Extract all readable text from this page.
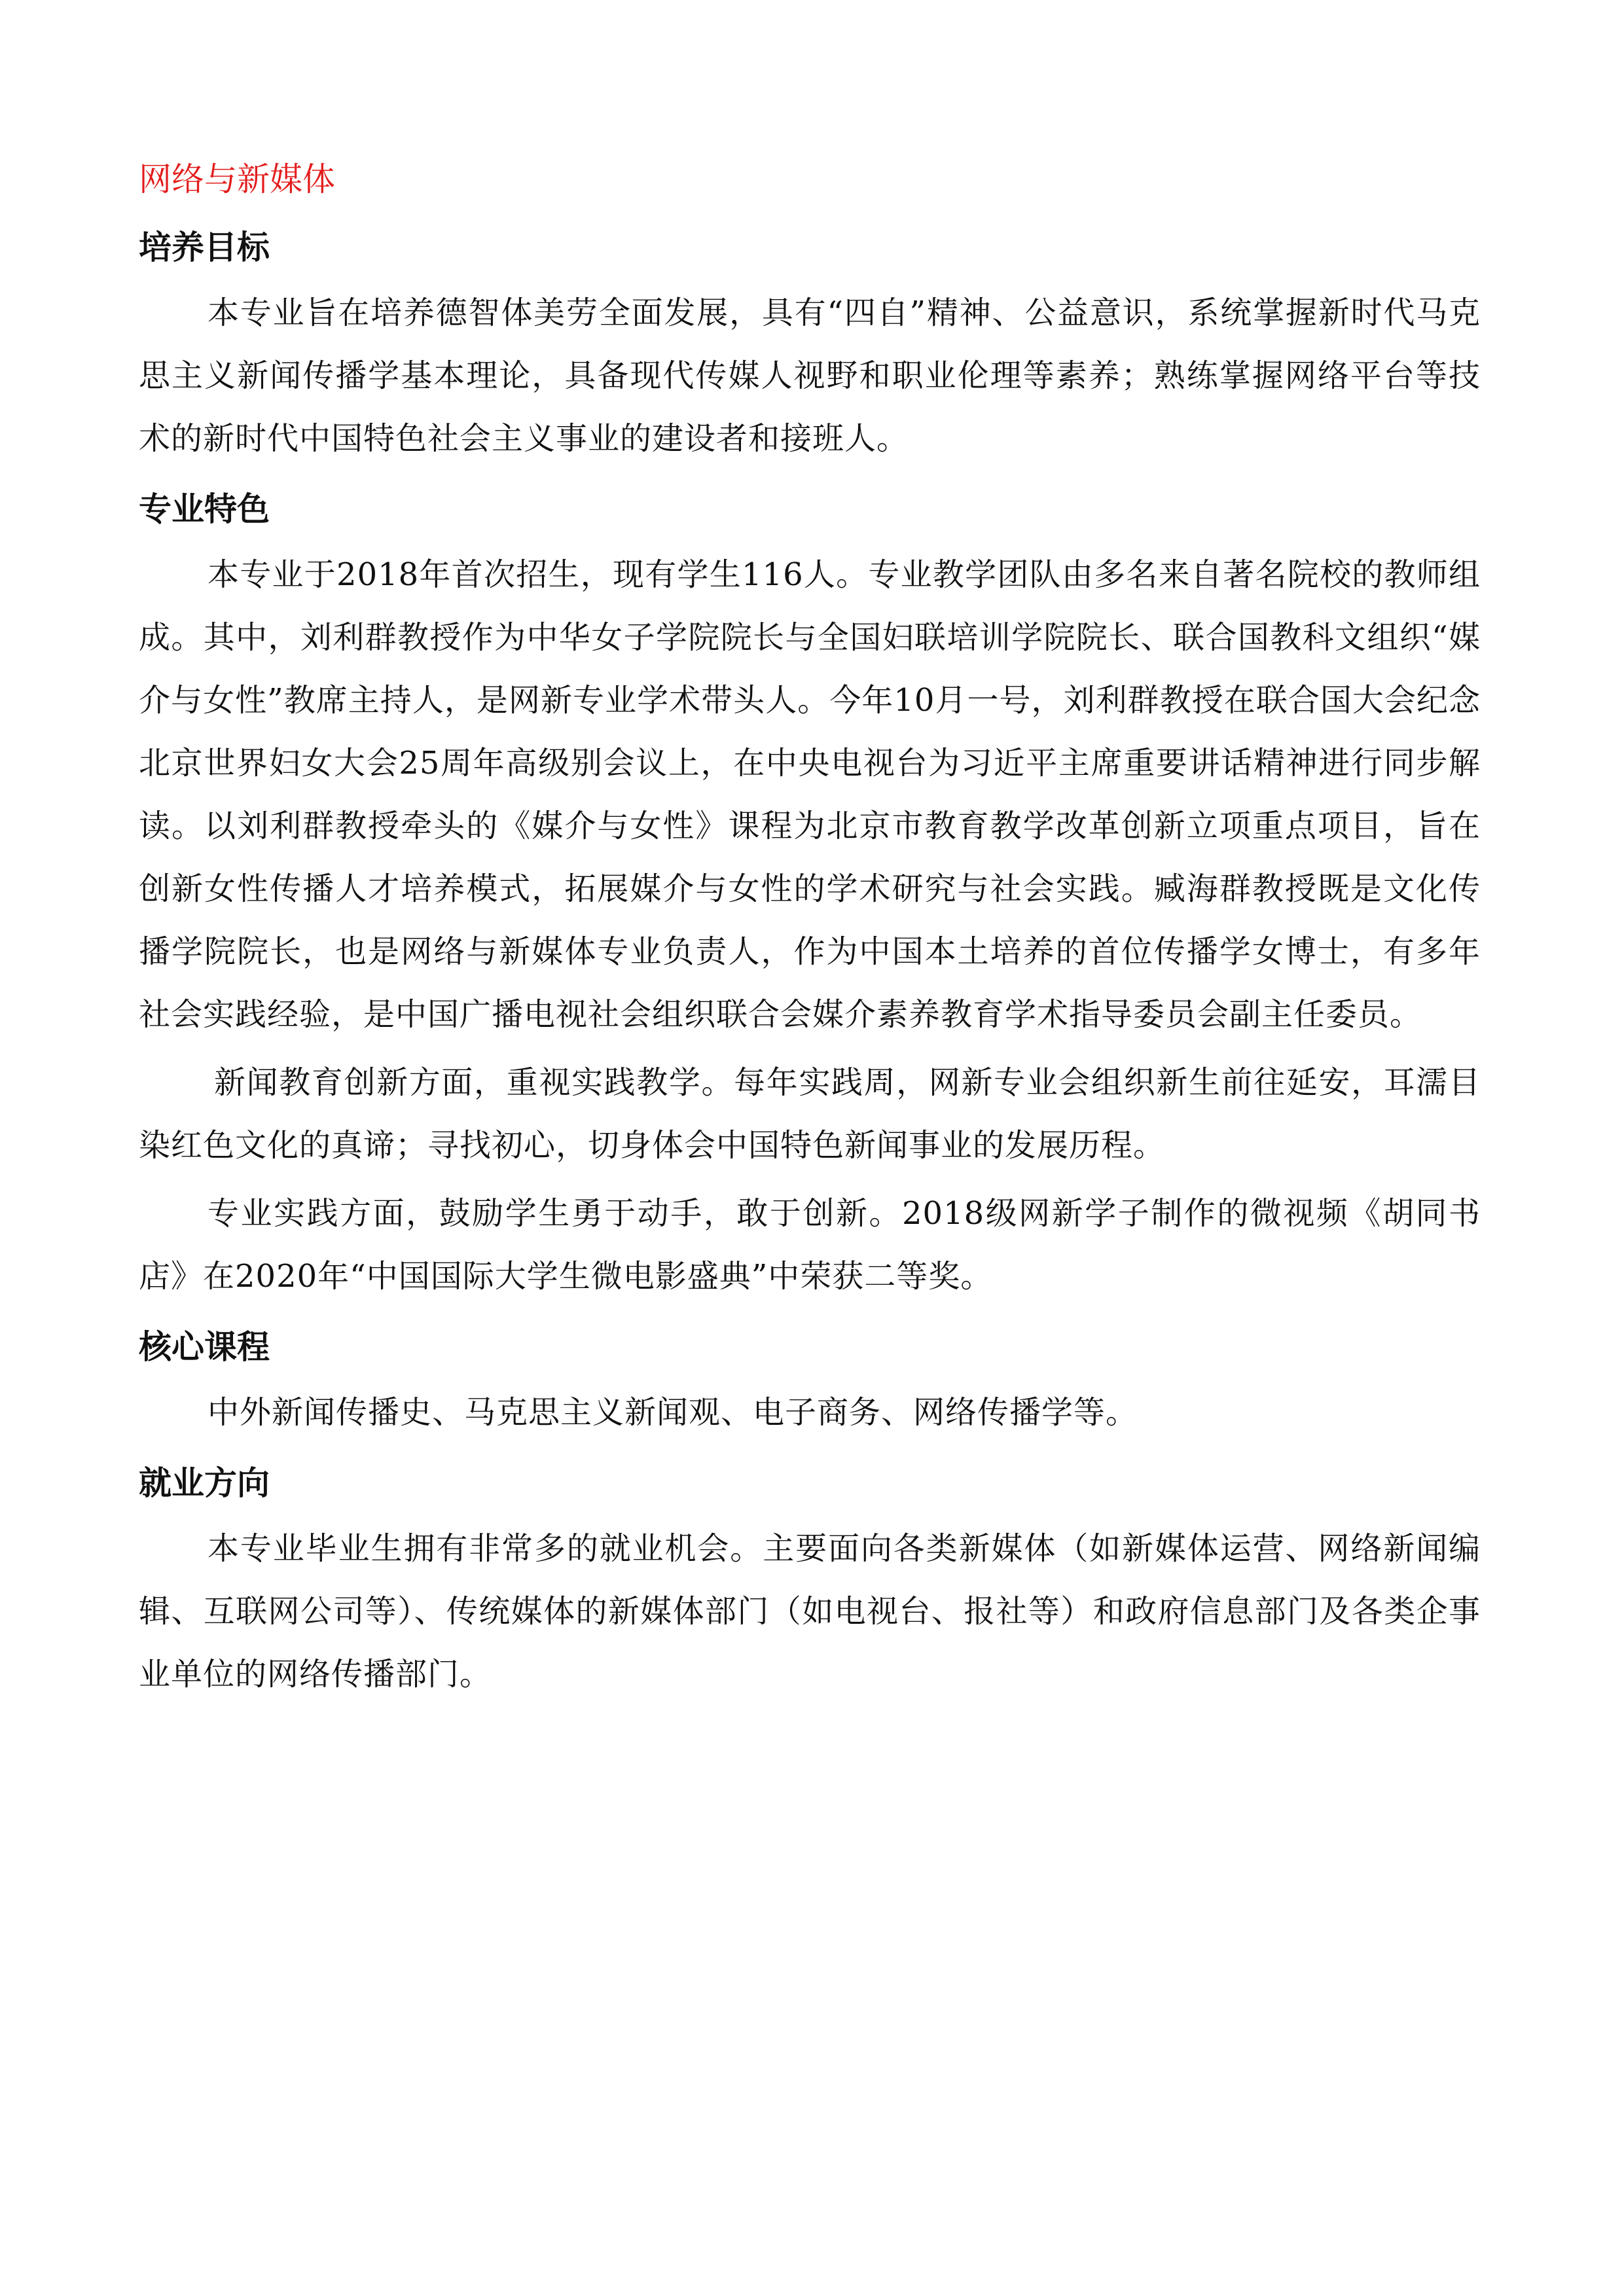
网络与新媒体
培养目标

本专业旨在培养德智体美劳全面发展，具有“四自”精神、公益意识，系统掌握新时代马克思主义新闻传播学基本理论，具备现代传媒人视野和职业伦理等素养；熟练掌握网络平台等技术的新时代中国特色社会主义事业的建设者和接班人。

专业特色

本专业于2018年首次招生，现有学生116人。专业教学团队由多名来自著名院校的教师组成。其中，刘利群教授作为中华女子学院院长与全国妇联培训学院院长、联合国教科文组织“媒介与女性”教席主持人，是网新专业学术带头人。今年10月一号，刘利群教授在联合国大会纪念北京世界妇女大会25周年高级别会议上，在中央电视台为习近平主席重要讲话精神进行同步解读。以刘利群教授牵头的《媒介与女性》课程为北京市教育教学改革创新立项重点项目，旨在创新女性传播人才培养模式，拓展媒介与女性的学术研究与社会实践。臧海群教授既是文化传播学院院长，也是网络与新媒体专业负责人，作为中国本土培养的首位传播学女博士，有多年社会实践经验，是中国广播电视社会组织联合会媒介素养教育学术指导委员会副主任委员。

新闻教育创新方面，重视实践教学。每年实践周，网新专业会组织新生前往延安，耳濡目染红色文化的真谛；寻找初心，切身体会中国特色新闻事业的发展历程。

专业实践方面，鼓励学生勇于动手，敢于创新。2018级网新学子制作的微视频《胡同书店》在2020年“中国国际大学生微电影盛典”中荣获二等奖。

核心课程

中外新闻传播史、马克思主义新闻观、电子商务、网络传播学等。

就业方向

本专业毕业生拥有非常多的就业机会。主要面向各类新媒体（如新媒体运营、网络新闻编辑、互联网公司等）、传统媒体的新媒体部门（如电视台、报社等）和政府信息部门及各类企事业单位的网络传播部门。
